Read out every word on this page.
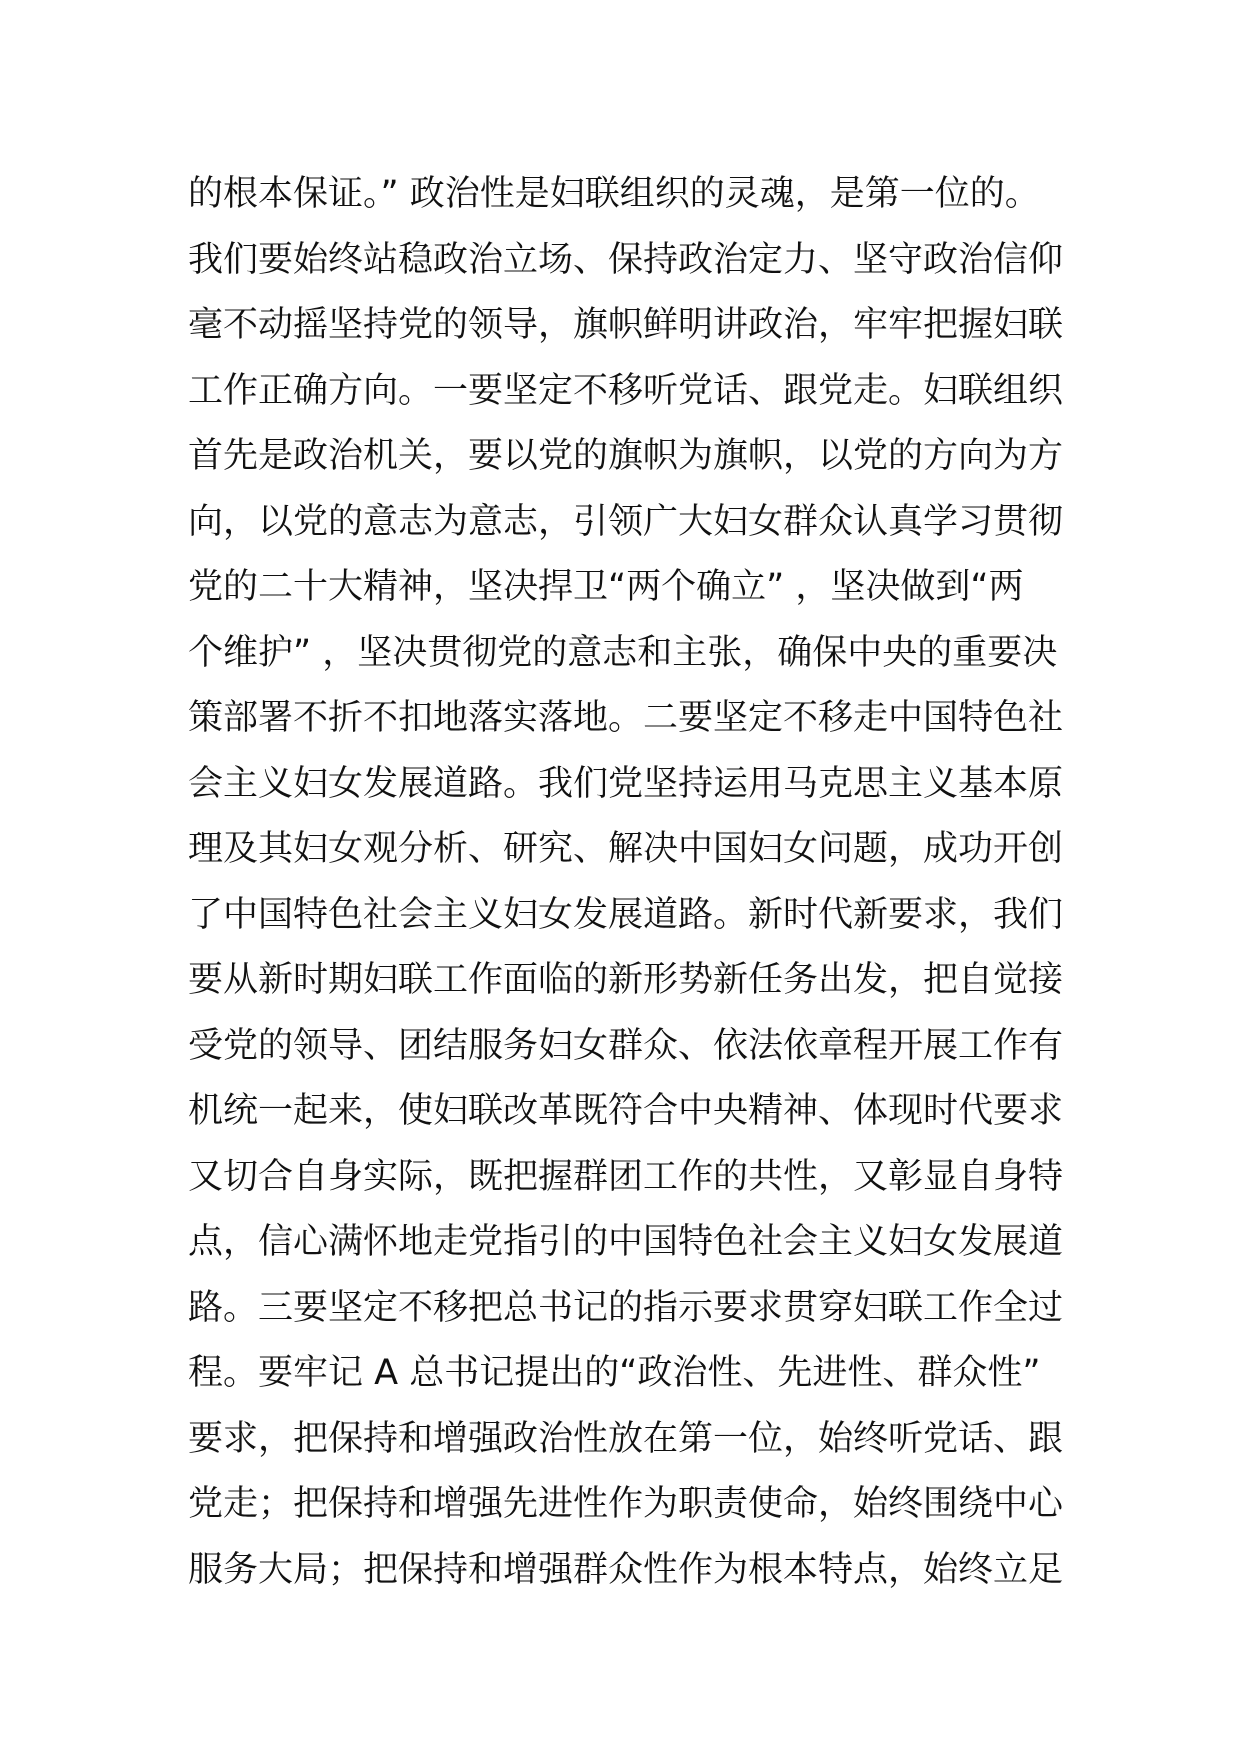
的根本保证。” 政治性是妇联组织的灵魂，是第一位的。
我们要始终站稳政治立场、保持政治定力、坚守政治信仰
毫不动摇坚持党的领导，旗帜鲜明讲政治，牢牢把握妇联
工作正确方向。一要坚定不移听党话、跟党走。妇联组织
首先是政治机关，要以党的旗帜为旗帜，以党的方向为方
向，以党的意志为意志，引领广大妇女群众认真学习贯彻
党的二十大精神，坚决捍卫“两个确立” ，坚决做到“两
个维护” ，坚决贯彻党的意志和主张，确保中央的重要决
策部署不折不扣地落实落地。二要坚定不移走中国特色社
会主义妇女发展道路。我们党坚持运用马克思主义基本原
理及其妇女观分析、研究、解决中国妇女问题，成功开创
了中国特色社会主义妇女发展道路。新时代新要求，我们
要从新时期妇联工作面临的新形势新任务出发，把自觉接
受党的领导、团结服务妇女群众、依法依章程开展工作有
机统一起来，使妇联改革既符合中央精神、体现时代要求
又切合自身实际，既把握群团工作的共性，又彰显自身特
点，信心满怀地走党指引的中国特色社会主义妇女发展道
路。三要坚定不移把总书记的指示要求贯穿妇联工作全过
程。要牢记 A 总书记提出的“政治性、先进性、群众性”
要求，把保持和增强政治性放在第一位，始终听党话、跟
党走；把保持和增强先进性作为职责使命，始终围绕中心
服务大局；把保持和增强群众性作为根本特点，始终立足
